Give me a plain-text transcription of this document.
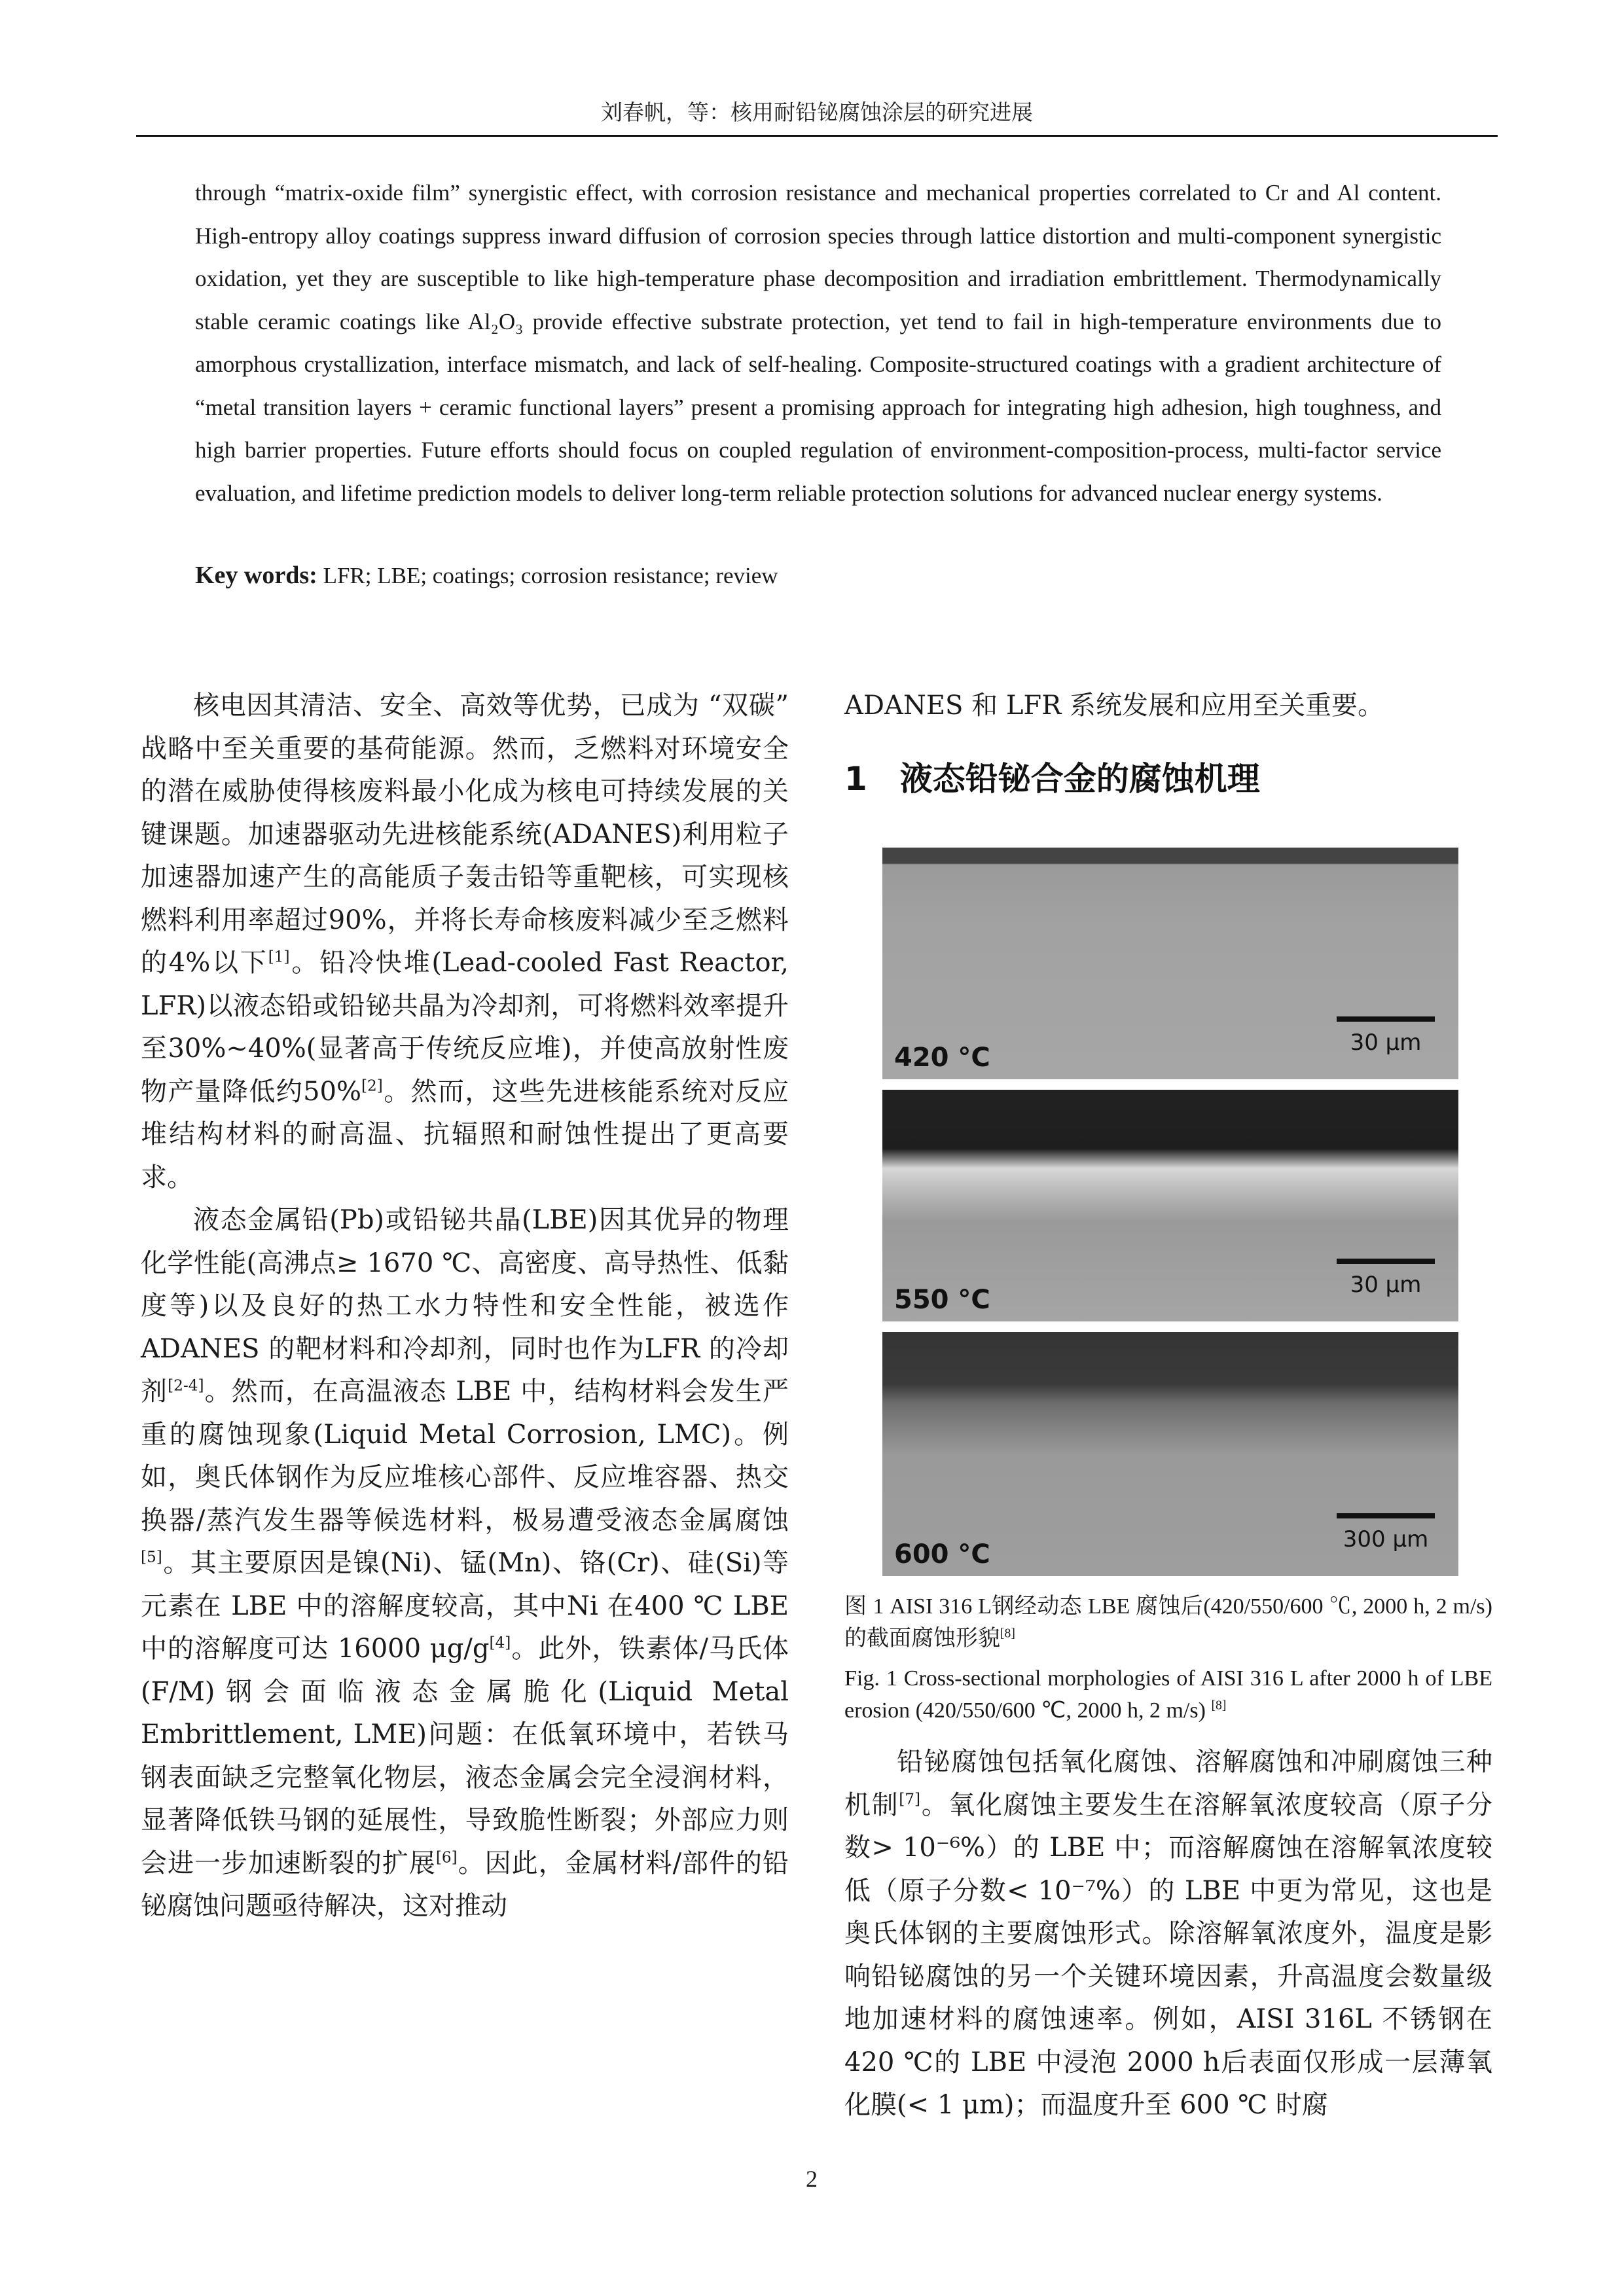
刘春帆，等：核用耐铅铋腐蚀涂层的研究进展
through “matrix-oxide film” synergistic effect, with corrosion resistance and mechanical properties correlated to Cr and Al content. High-entropy alloy coatings suppress inward diffusion of corrosion species through lattice distortion and multi-component synergistic oxidation, yet they are susceptible to like high-temperature phase decomposition and irradiation embrittlement. Thermodynamically stable ceramic coatings like Al₂O₃ provide effective substrate protection, yet tend to fail in high-temperature environments due to amorphous crystallization, interface mismatch, and lack of self-healing. Composite-structured coatings with a gradient architecture of “metal transition layers + ceramic functional layers” present a promising approach for integrating high adhesion, high toughness, and high barrier properties. Future efforts should focus on coupled regulation of environment-composition-process, multi-factor service evaluation, and lifetime prediction models to deliver long-term reliable protection solutions for advanced nuclear energy systems.
Key words: LFR; LBE; coatings; corrosion resistance; review

核电因其清洁、安全、高效等优势，已成为 “双碳” 战略中至关重要的基荷能源。然而，乏燃料对环境安全的潜在威胁使得核废料最小化成为核电可持续发展的关键课题。加速器驱动先进核能系统(ADANES)利用粒子加速器加速产生的高能质子轰击铅等重靶核，可实现核燃料利用率超过90%，并将长寿命核废料减少至乏燃料的4%以下[1]。铅冷快堆(Lead-cooled Fast Reactor, LFR)以液态铅或铅铋共晶为冷却剂，可将燃料效率提升至30%~40%(显著高于传统反应堆)，并使高放射性废物产量降低约50%[2]。然而，这些先进核能系统对反应堆结构材料的耐高温、抗辐照和耐蚀性提出了更高要求。

液态金属铅(Pb)或铅铋共晶(LBE)因其优异的物理化学性能(高沸点≥ 1670 ℃、高密度、高导热性、低黏度等)以及良好的热工水力特性和安全性能，被选作 ADANES 的靶材料和冷却剂，同时也作为LFR 的冷却剂[2-4]。然而，在高温液态 LBE 中，结构材料会发生严重的腐蚀现象(Liquid Metal Corrosion, LMC)。例如，奥氏体钢作为反应堆核心部件、反应堆容器、热交换器/蒸汽发生器等候选材料，极易遭受液态金属腐蚀[5]。其主要原因是镍(Ni)、锰(Mn)、铬(Cr)、硅(Si)等元素在 LBE 中的溶解度较高，其中Ni 在400 ℃ LBE 中的溶解度可达 16000 μg/g[4]。此外，铁素体/马氏体(F/M)钢会面临液态金属脆化(Liquid Metal Embrittlement, LME)问题：在低氧环境中，若铁马钢表面缺乏完整氧化物层，液态金属会完全浸润材料，显著降低铁马钢的延展性，导致脆性断裂；外部应力则会进一步加速断裂的扩展[6]。因此，金属材料/部件的铅铋腐蚀问题亟待解决，这对推动

ADANES 和 LFR 系统发展和应用至关重要。

1　液态铅铋合金的腐蚀机理
420 °C	30 μm
550 °C	30 μm
600 °C	300 μm
图 1 AISI 316 L钢经动态 LBE 腐蚀后(420/550/600 ℃, 2000 h, 2 m/s)的截面腐蚀形貌[8]
Fig. 1 Cross-sectional morphologies of AISI 316 L after 2000 h of LBE erosion (420/550/600 ℃, 2000 h, 2 m/s) [8]

铅铋腐蚀包括氧化腐蚀、溶解腐蚀和冲刷腐蚀三种机制[7]。氧化腐蚀主要发生在溶解氧浓度较高（原子分数> 10⁻⁶%）的 LBE 中；而溶解腐蚀在溶解氧浓度较低（原子分数< 10⁻⁷%）的 LBE 中更为常见，这也是奥氏体钢的主要腐蚀形式。除溶解氧浓度外，温度是影响铅铋腐蚀的另一个关键环境因素，升高温度会数量级地加速材料的腐蚀速率。例如，AISI 316L 不锈钢在 420 ℃的 LBE 中浸泡 2000 h后表面仅形成一层薄氧化膜(< 1 μm)；而温度升至 600 ℃ 时腐

2
